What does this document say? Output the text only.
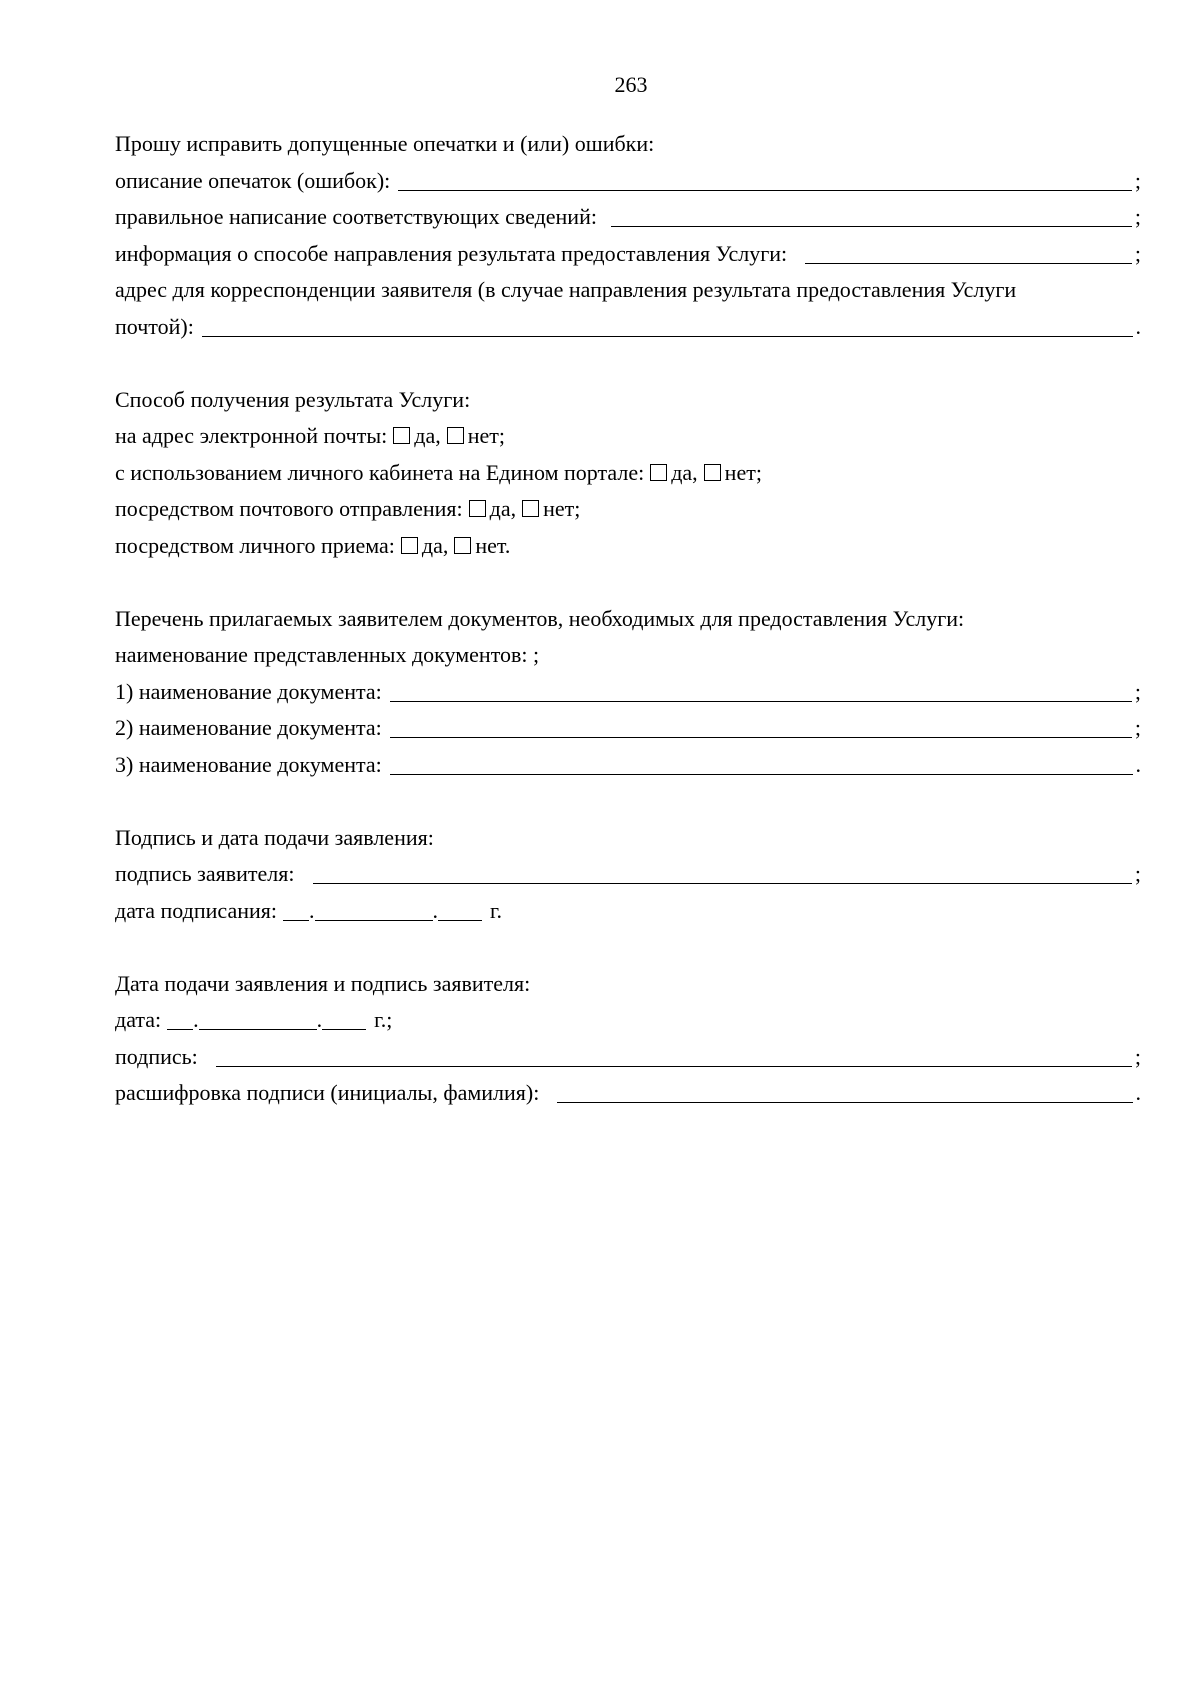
263
Прошу исправить допущенные опечатки и (или) ошибки:
описание опечаток (ошибок):	;
правильное написание соответствующих сведений:	;
информация о способе направления результата предоставления Услуги:	;
адрес для корреспонденции заявителя (в случае направления результата предоставления Услуги
почтой):	.
Способ получения результата Услуги:
на адрес электронной почты: да, нет;
с использованием личного кабинета на Едином портале: да, нет;
посредством почтового отправления: да, нет;
посредством личного приема: да, нет.
Перечень прилагаемых заявителем документов, необходимых для предоставления Услуги:
наименование представленных документов: ;
1) наименование документа:	;
2) наименование документа:	;
3) наименование документа:	.
Подпись и дата подачи заявления:
подпись заявителя:	;
дата подписания: .	. г.
Дата подачи заявления и подпись заявителя:
дата: .	. г.;
подпись:	;
расшифровка подписи (инициалы, фамилия):	.
